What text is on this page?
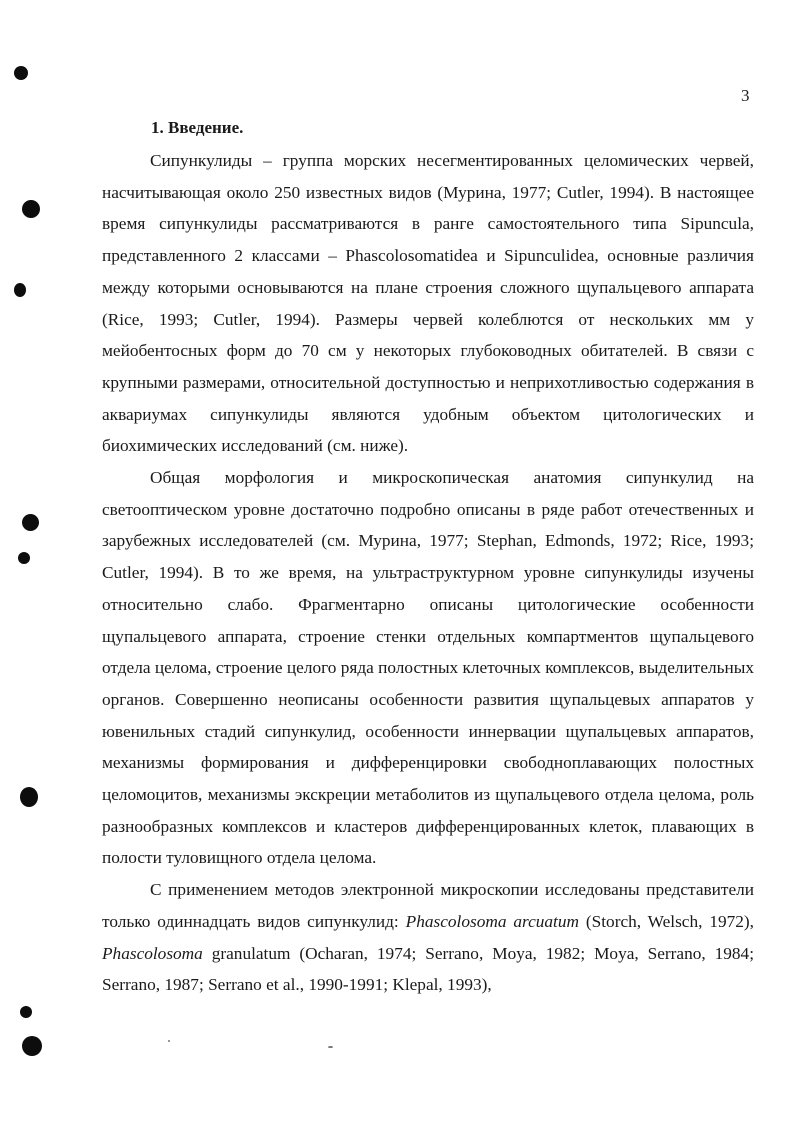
3
1. Введение.

Сипункулиды – группа морских несегментированных целомических червей, насчитывающая около 250 известных видов (Мурина, 1977; Cutler, 1994). В настоящее время сипункулиды рассматриваются в ранге самостоятельного типа Sipuncula, представленного 2 классами – Phascolosomatidea и Sipunculidea, основные различия между которыми основываются на плане строения сложного щупальцевого аппарата (Rice, 1993; Cutler, 1994). Размеры червей колеблются от нескольких мм у мейобентосных форм до 70 см у некоторых глубоководных обитателей. В связи с крупными размерами, относительной доступностью и неприхотливостью содержания в аквариумах сипункулиды являются удобным объектом цитологических и биохимических исследований (см. ниже).

Общая морфология и микроскопическая анатомия сипункулид на светооптическом уровне достаточно подробно описаны в ряде работ отечественных и зарубежных исследователей (см. Мурина, 1977; Stephan, Edmonds, 1972; Rice, 1993; Cutler, 1994). В то же время, на ультраструктурном уровне сипункулиды изучены относительно слабо. Фрагментарно описаны цитологические особенности щупальцевого аппарата, строение стенки отдельных компартментов щупальцевого отдела целома, строение целого ряда полостных клеточных комплексов, выделительных органов. Совершенно неописаны особенности развития щупальцевых аппаратов у ювенильных стадий сипункулид, особенности иннервации щупальцевых аппаратов, механизмы формирования и дифференцировки свободноплавающих полостных целомоцитов, механизмы экскреции метаболитов из щупальцевого отдела целома, роль разнообразных комплексов и кластеров дифференцированных клеток, плавающих в полости туловищного отдела целома.

С применением методов электронной микроскопии исследованы представители только одиннадцать видов сипункулид: Phascolosoma arcuatum (Storch, Welsch, 1972), Phascolosoma granulatum (Ocharan, 1974; Serrano, Moya, 1982; Moya, Serrano, 1984; Serrano, 1987; Serrano et al., 1990-1991; Klepal, 1993),
